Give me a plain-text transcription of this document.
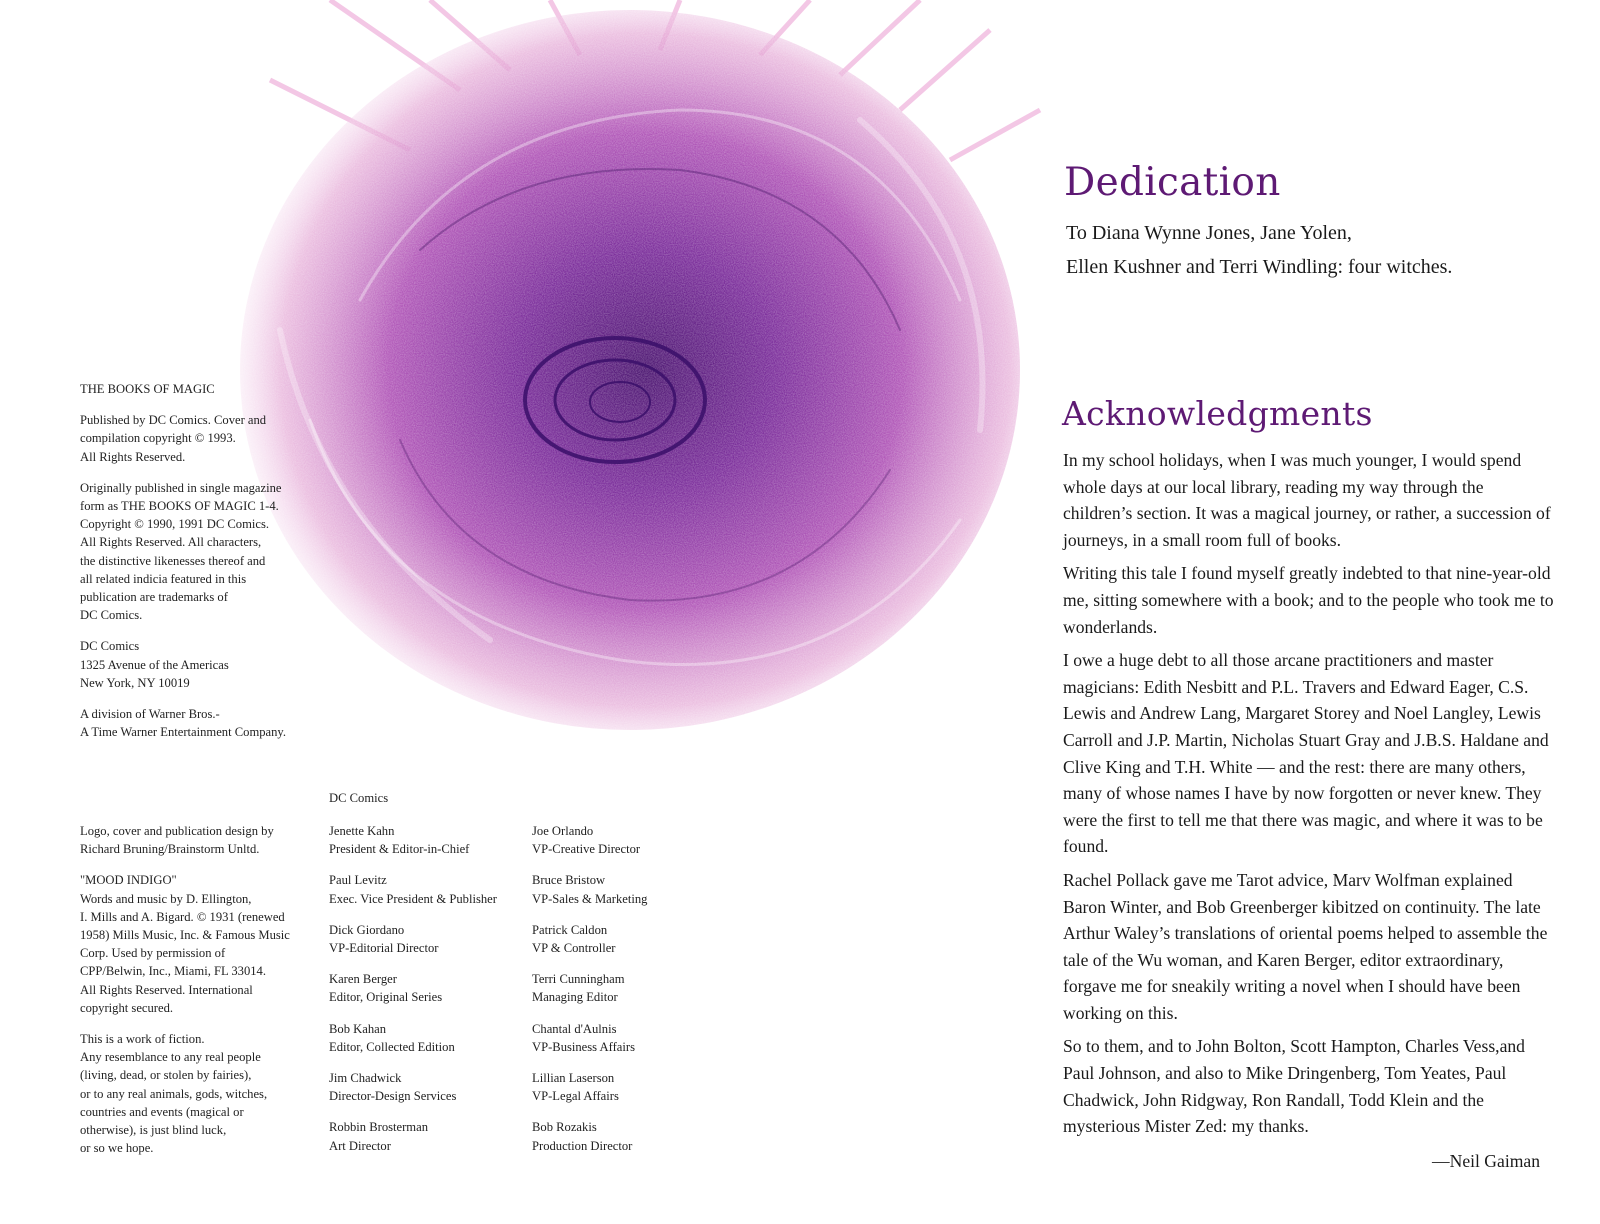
THE BOOKS OF MAGIC

Published by DC Comics. Cover and
compilation copyright © 1993.
All Rights Reserved.

Originally published in single magazine
form as THE BOOKS OF MAGIC 1-4.
Copyright © 1990, 1991 DC Comics.
All Rights Reserved. All characters,
the distinctive likenesses thereof and
all related indicia featured in this
publication are trademarks of
DC Comics.

DC Comics
1325 Avenue of the Americas
New York, NY 10019

A division of Warner Bros.-
A Time Warner Entertainment Company.

Logo, cover and publication design by
Richard Bruning/Brainstorm Unltd.

"MOOD INDIGO"
Words and music by D. Ellington,
I. Mills and A. Bigard. © 1931 (renewed
1958) Mills Music, Inc. & Famous Music
Corp. Used by permission of
CPP/Belwin, Inc., Miami, FL 33014.
All Rights Reserved. International
copyright secured.

This is a work of fiction.
Any resemblance to any real people
(living, dead, or stolen by fairies),
or to any real animals, gods, witches,
countries and events (magical or
otherwise), is just blind luck,
or so we hope.

DC Comics
Jenette Kahn
President & Editor-in-Chief
Paul Levitz
Exec. Vice President & Publisher
Dick Giordano
VP-Editorial Director
Karen Berger
Editor, Original Series
Bob Kahan
Editor, Collected Edition
Jim Chadwick
Director-Design Services
Robbin Brosterman
Art Director
Joe Orlando
VP-Creative Director
Bruce Bristow
VP-Sales & Marketing
Patrick Caldon
VP & Controller
Terri Cunningham
Managing Editor
Chantal d'Aulnis
VP-Business Affairs
Lillian Laserson
VP-Legal Affairs
Bob Rozakis
Production Director
Dedication
To Diana Wynne Jones, Jane Yolen,
Ellen Kushner and Terri Windling: four witches.
Acknowledgments

In my school holidays, when I was much younger, I would spend whole days at our local library, reading my way through the children’s section. It was a magical journey, or rather, a succession of journeys, in a small room full of books.

Writing this tale I found myself greatly indebted to that nine-year-old me, sitting somewhere with a book; and to the people who took me to wonderlands.

I owe a huge debt to all those arcane practitioners and master magicians: Edith Nesbitt and P.L. Travers and Edward Eager, C.S. Lewis and Andrew Lang, Margaret Storey and Noel Langley, Lewis Carroll and J.P. Martin, Nicholas Stuart Gray and J.B.S. Haldane and Clive King and T.H. White — and the rest: there are many others, many of whose names I have by now forgotten or never knew. They were the first to tell me that there was magic, and where it was to be found.

Rachel Pollack gave me Tarot advice, Marv Wolfman explained Baron Winter, and Bob Greenberger kibitzed on continuity. The late Arthur Waley’s translations of oriental poems helped to assemble the tale of the Wu woman, and Karen Berger, editor extraordinary, forgave me for sneakily writing a novel when I should have been working on this.

So to them, and to John Bolton, Scott Hampton, Charles Vess,and Paul Johnson, and also to Mike Dringenberg, Tom Yeates, Paul Chadwick, John Ridgway, Ron Randall, Todd Klein and the mysterious Mister Zed: my thanks.

—Neil Gaiman
